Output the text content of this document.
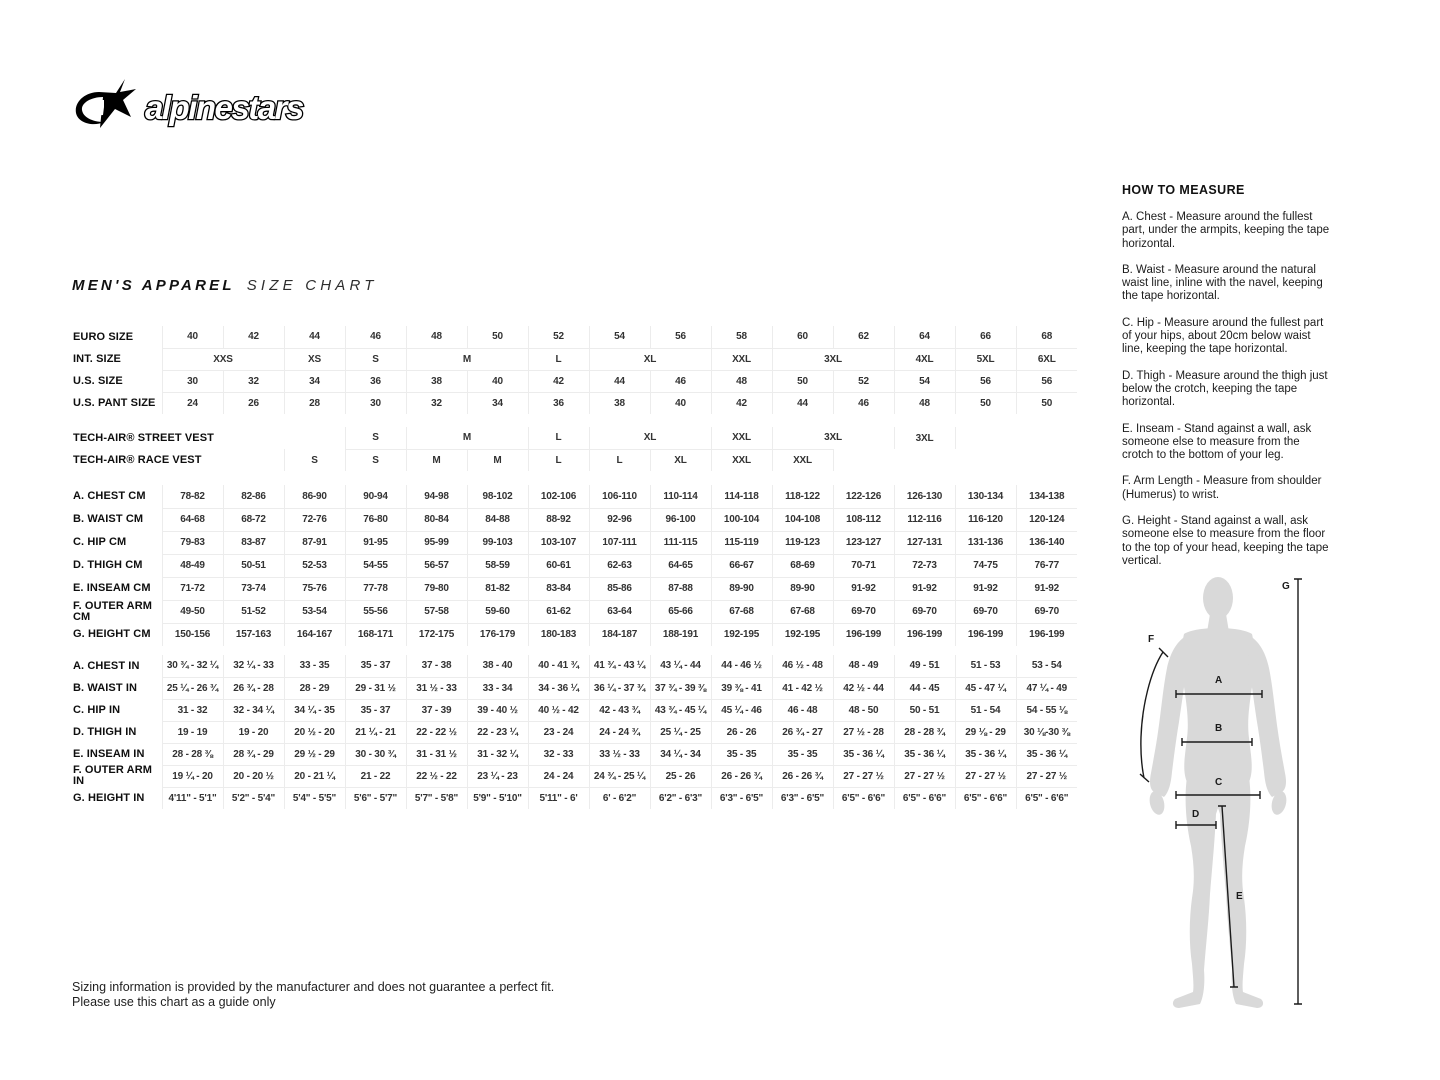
alpinestars
MEN'S APPAREL SIZE CHART
EURO SIZE	40	42	44	46	48	50	52	54	56	58	60	62	64	66	68
INT. SIZE	XXS		XS	S	M		L	XL		XXL	3XL		4XL	5XL	6XL
U.S. SIZE	30	32	34	36	38	40	42	44	46	48	50	52	54	56	56
U.S. PANT SIZE	24	26	28	30	32	34	36	38	40	42	44	46	48	50	50

TECH-AIR® STREET VEST				S	M		L	XL		XXL	3XL		3XL		
TECH-AIR® RACE VEST			S	S	M	M	L	L	XL	XXL	XXL				

A. CHEST CM	78-82	82-86	86-90	90-94	94-98	98-102	102-106	106-110	110-114	114-118	118-122	122-126	126-130	130-134	134-138
B. WAIST CM	64-68	68-72	72-76	76-80	80-84	84-88	88-92	92-96	96-100	100-104	104-108	108-112	112-116	116-120	120-124
C. HIP CM	79-83	83-87	87-91	91-95	95-99	99-103	103-107	107-111	111-115	115-119	119-123	123-127	127-131	131-136	136-140
D. THIGH CM	48-49	50-51	52-53	54-55	56-57	58-59	60-61	62-63	64-65	66-67	68-69	70-71	72-73	74-75	76-77
E. INSEAM CM	71-72	73-74	75-76	77-78	79-80	81-82	83-84	85-86	87-88	89-90	89-90	91-92	91-92	91-92	91-92
F. OUTER ARM CM	49-50	51-52	53-54	55-56	57-58	59-60	61-62	63-64	65-66	67-68	67-68	69-70	69-70	69-70	69-70
G. HEIGHT CM	150-156	157-163	164-167	168-171	172-175	176-179	180-183	184-187	188-191	192-195	192-195	196-199	196-199	196-199	196-199

A. CHEST IN	30 ¾ - 32 ¼	32 ¼ - 33	33 - 35	35 - 37	37 - 38	38 - 40	40 - 41 ¾	41 ¾ - 43 ¼	43 ¼ - 44	44 - 46 ½	46 ½ - 48	48 - 49	49 - 51	51 - 53	53 - 54
B. WAIST IN	25 ¼ - 26 ¾	26 ¾ - 28	28 - 29	29 - 31 ½	31 ½ - 33	33 - 34	34 - 36 ¼	36 ¼ - 37 ¾	37 ¾ - 39 ⅜	39 ⅜ - 41	41 - 42 ½	42 ½ - 44	44 - 45	45 - 47 ¼	47 ¼ - 49
C. HIP IN	31 - 32	32 - 34 ¼	34 ¼ - 35	35 - 37	37 - 39	39 - 40 ½	40 ½ - 42	42 - 43 ¾	43 ¾ - 45 ¼	45 ¼ - 46	46 - 48	48 - 50	50 - 51	51 - 54	54 - 55 ⅛
D. THIGH IN	19 - 19	19 - 20	20 ½ - 20	21 ¼ - 21	22 - 22 ½	22 - 23 ¼	23 - 24	24 - 24 ¾	25 ¼ - 25	26 - 26	26 ¾ - 27	27 ½ - 28	28 - 28 ¾	29 ⅛ - 29	30 ⅛-30 ⅜
E. INSEAM IN	28 - 28 ⅜	28 ¾ - 29	29 ½ - 29	30 - 30 ¾	31 - 31 ½	31 - 32 ¼	32 - 33	33 ½ - 33	34 ¼ - 34	35 - 35	35 - 35	35 - 36 ¼	35 - 36 ¼	35 - 36 ¼	35 - 36 ¼
F. OUTER ARM IN	19 ¼ - 20	20 - 20 ½	20 - 21 ¼	21 - 22	22 ½ - 22	23 ¼ - 23	24 - 24	24 ¾ - 25 ¼	25 - 26	26 - 26 ¾	26 - 26 ¾	27 - 27 ½	27 - 27 ½	27 - 27 ½	27 - 27 ½
G. HEIGHT IN	4'11" - 5'1"	5'2" - 5'4"	5'4" - 5'5"	5'6" - 5'7"	5'7" - 5'8"	5'9" - 5'10"	5'11" - 6'	6' - 6'2"	6'2" - 6'3"	6'3" - 6'5"	6'3" - 6'5"	6'5" - 6'6"	6'5" - 6'6"	6'5" - 6'6"	6'5" - 6'6"
HOW TO MEASURE

A. Chest - Measure around the fullest part, under the armpits, keeping the tape horizontal.

B. Waist - Measure around the natural waist line, inline with the navel, keeping the tape horizontal.

C. Hip - Measure around the fullest part of your hips, about 20cm below waist line, keeping the tape horizontal.

D. Thigh - Measure around the thigh just below the crotch, keeping the tape horizontal.

E. Inseam - Stand against a wall, ask someone else to measure from the crotch to the bottom of your leg.

F. Arm Length - Measure from shoulder (Humerus) to wrist.

G. Height - Stand against a wall, ask someone else to measure from the floor to the top of your head, keeping the tape vertical.

A
B
C
D
E
F
G

Sizing information is provided by the manufacturer and does not guarantee a perfect fit.

Please use this chart as a guide only
